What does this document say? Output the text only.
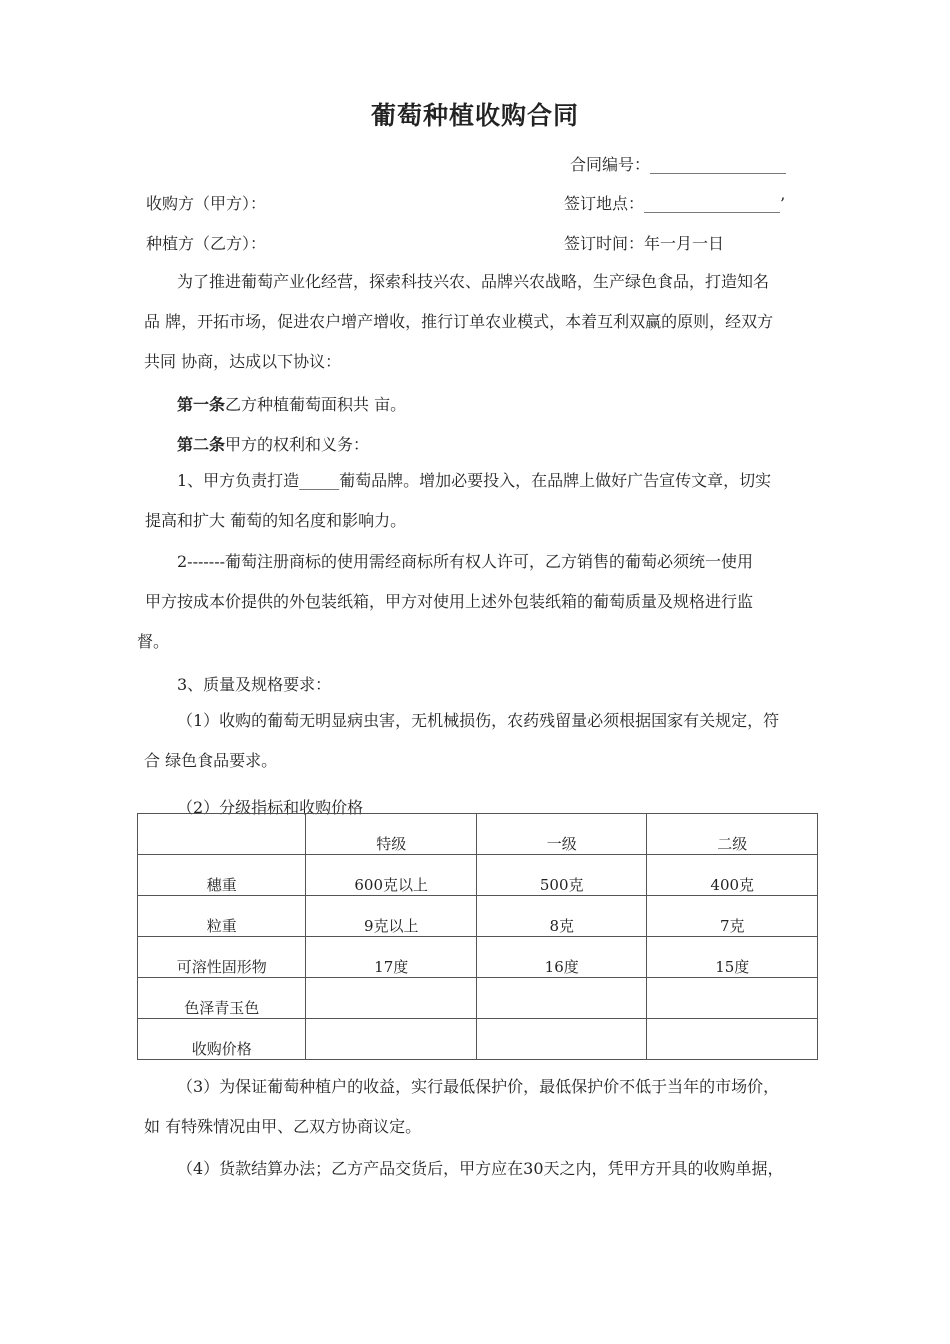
葡萄种植收购合同
合同编号：_________________
收购方（甲方）：	签订地点：_________________’
种植方（乙方）：	签订时间：年一月一日
为了推进葡萄产业化经营，探索科技兴农、品牌兴农战略，生产绿色食品，打造知名
品 牌，开拓市场，促进农户增产增收，推行订单农业模式，本着互利双赢的原则，经双方
共同 协商，达成以下协议：
第一条乙方种植葡萄面积共 亩。
第二条甲方的权利和义务：
1、甲方负责打造_____葡萄品牌。增加必要投入，在品牌上做好广告宣传文章，切实
提高和扩大 葡萄的知名度和影响力。
2-------葡萄注册商标的使用需经商标所有权人许可，乙方销售的葡萄必须统一使用
甲方按成本价提供的外包装纸箱，甲方对使用上述外包装纸箱的葡萄质量及规格进行监
督。
3、质量及规格要求：
（1）收购的葡萄无明显病虫害，无机械损伤，农药残留量必须根据国家有关规定，符
合 绿色食品要求。
（2）分级指标和收购价格
	特级	一级	二级
穗重	600克以上	500克	400克
粒重	9克以上	8克	7克
可溶性固形物	17度	16度	15度
色泽青玉色			
收购价格			
（3）为保证葡萄种植户的收益，实行最低保护价，最低保护价不低于当年的市场价，
如 有特殊情况由甲、乙双方协商议定。
（4）货款结算办法；乙方产品交货后，甲方应在30天之内，凭甲方开具的收购单据，
